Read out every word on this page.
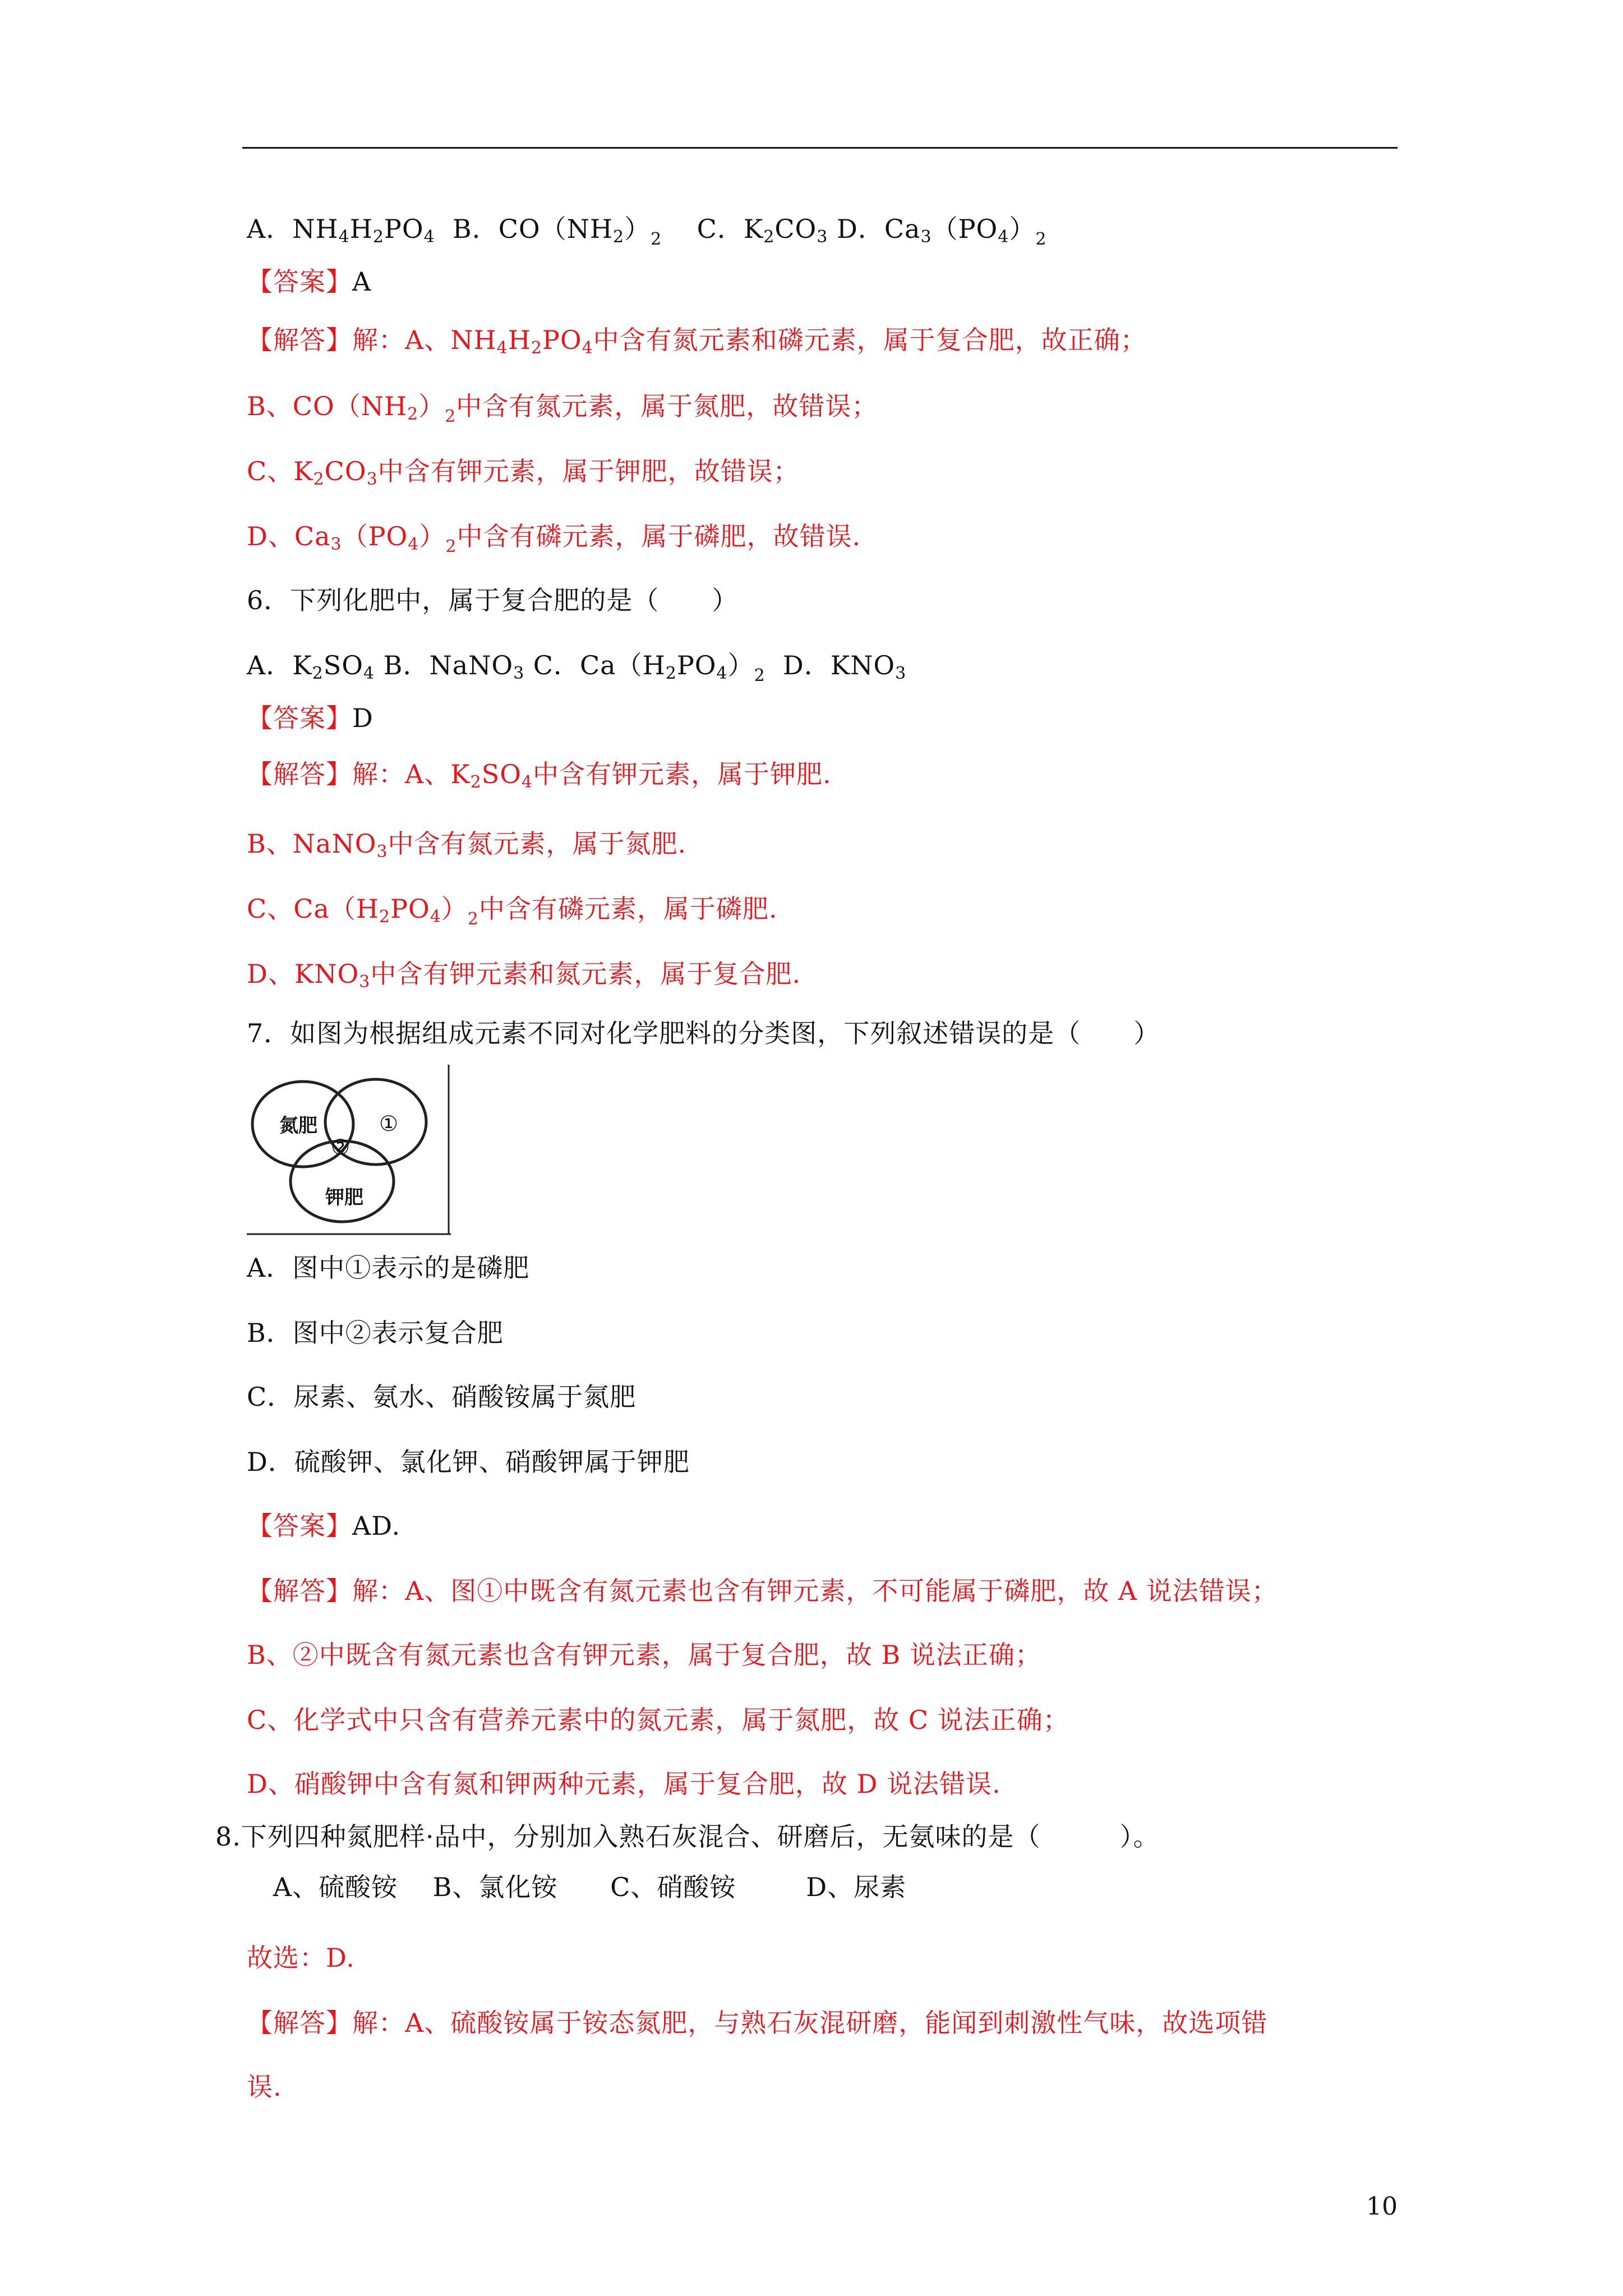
A．$NH_4H_2PO_4$  B．$CO(NH_2)_2$    C．$K_2CO_3$ D．$Ca_3(PO_4)_2$
【答案】A
【解答】解：A、$NH_4H_2PO_4$中含有氮元素和磷元素，属于复合肥，故正确；
B、$CO(NH_2)_2$中含有氮元素，属于氮肥，故错误；
C、$K_2CO_3$中含有钾元素，属于钾肥，故错误；
D、$Ca_3(PO_4)_2$中含有磷元素，属于磷肥，故错误.
6．下列化肥中，属于复合肥的是（　　）
A．$K_2SO_4$ B．NaNO$_3$ C．$Ca(H_2PO_4)_2$  D．$KNO_3$
【答案】D
【解答】解：A、$K_2SO_4$中含有钾元素，属于钾肥.
B、NaNO$_3$中含有氮元素，属于氮肥.
C、$Ca(H_2PO_4)_2$中含有磷元素，属于磷肥.
D、$KNO_3$中含有钾元素和氮元素，属于复合肥.
7．如图为根据组成元素不同对化学肥料的分类图，下列叙述错误的是（　　）
氮肥	①
②
钾肥
A．图中①表示的是磷肥
B．图中②表示复合肥
C．尿素、氨水、硝酸铵属于氮肥
D．硫酸钾、氯化钾、硝酸钾属于钾肥
【答案】AD.
【解答】解：A、图①中既含有氮元素也含有钾元素，不可能属于磷肥，故 A 说法错误；
B、②中既含有氮元素也含有钾元素，属于复合肥，故 B 说法正确；
C、化学式中只含有营养元素中的氮元素，属于氮肥，故 C 说法正确；
D、硝酸钾中含有氮和钾两种元素，属于复合肥，故 D 说法错误.
8.下列四种氮肥样·品中，分别加入熟石灰混合、研磨后，无氨味的是（　　　）。
A、硫酸铵    B、氯化铵      C、硝酸铵        D、尿素
故选：D.
【解答】解：A、硫酸铵属于铵态氮肥，与熟石灰混研磨，能闻到刺激性气味，故选项错
误.
10
